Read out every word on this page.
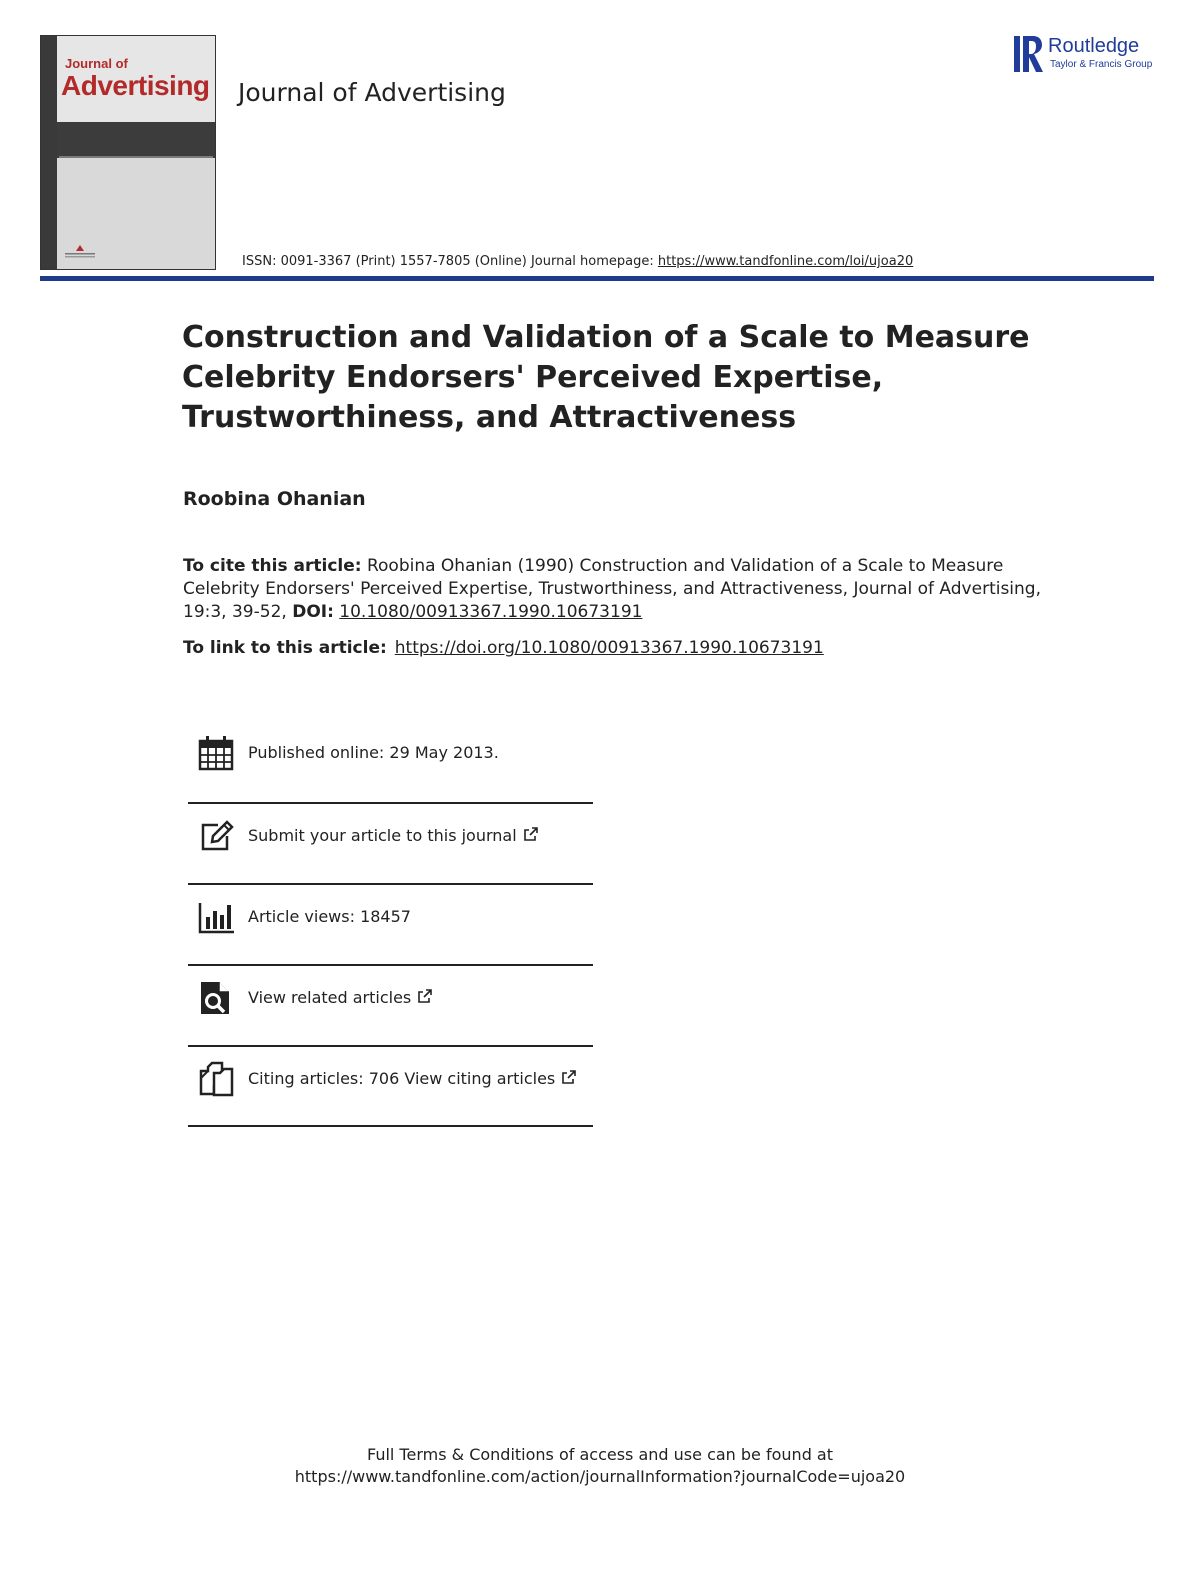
Journal of
Advertising Journal of Advertising
ISSN: 0091-3367 (Print) 1557-7805 (Online) Journal homepage: https://www.tandfonline.com/loi/ujoa20
Routledge
Taylor & Francis Group
Construction and Validation of a Scale to Measure Celebrity Endorsers' Perceived Expertise, Trustworthiness, and Attractiveness
Roobina Ohanian
To cite this article: Roobina Ohanian (1990) Construction and Validation of a Scale to Measure Celebrity Endorsers' Perceived Expertise, Trustworthiness, and Attractiveness, Journal of Advertising, 19:3, 39-52, DOI: 10.1080/00913367.1990.10673191
To link to this article: https://doi.org/10.1080/00913367.1990.10673191
Published online: 29 May 2013.
Submit your article to this journal
Article views: 18457
View related articles
Citing articles: 706 View citing articles
Full Terms & Conditions of access and use can be found at
https://www.tandfonline.com/action/journalInformation?journalCode=ujoa20
